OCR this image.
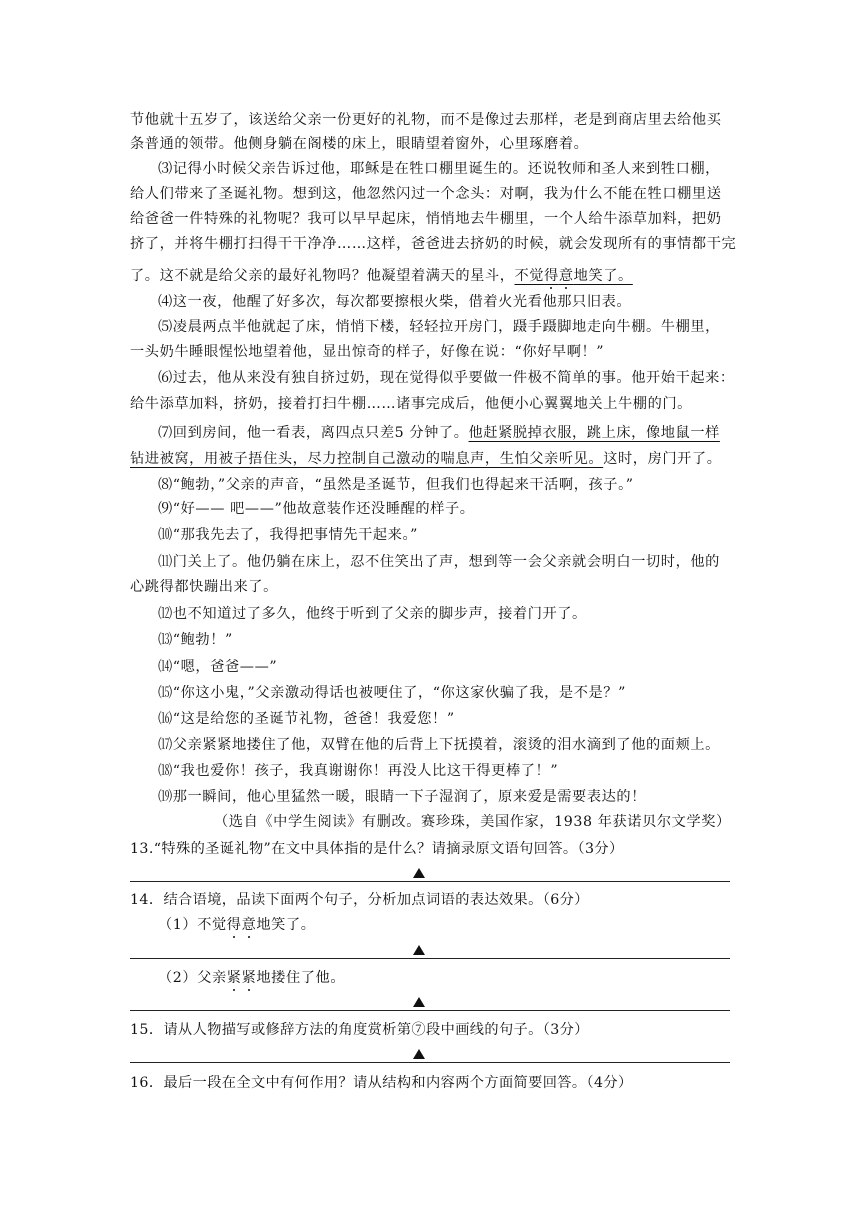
节他就十五岁了，该送给父亲一份更好的礼物，而不是像过去那样，老是到商店里去给他买
条普通的领带。他侧身躺在阁楼的床上，眼睛望着窗外，心里琢磨着。
⑶记得小时候父亲告诉过他，耶稣是在牲口棚里诞生的。还说牧师和圣人来到牲口棚，
给人们带来了圣诞礼物。想到这，他忽然闪过一个念头：对啊，我为什么不能在牲口棚里送
给爸爸一件特殊的礼物呢？我可以早早起床，悄悄地去牛棚里，一个人给牛添草加料，把奶
挤了，并将牛棚打扫得干干净净……这样，爸爸进去挤奶的时候，就会发现所有的事情都干完
了。这不就是给父亲的最好礼物吗？他凝望着满天的星斗，不觉得意地笑了。
⑷这一夜，他醒了好多次，每次都要擦根火柴，借着火光看他那只旧表。
⑸凌晨两点半他就起了床，悄悄下楼，轻轻拉开房门，蹑手蹑脚地走向牛棚。牛棚里，
一头奶牛睡眼惺忪地望着他，显出惊奇的样子，好像在说：“你好早啊！”
⑹过去，他从来没有独自挤过奶，现在觉得似乎要做一件极不简单的事。他开始干起来：
给牛添草加料，挤奶，接着打扫牛棚……诸事完成后，他便小心翼翼地关上牛棚的门。
⑺回到房间，他一看表，离四点只差5 分钟了。他赶紧脱掉衣服，跳上床，像地鼠一样
钻进被窝，用被子捂住头，尽力控制自己激动的喘息声，生怕父亲听见。这时，房门开了。
⑻“鲍勃，”父亲的声音，“虽然是圣诞节，但我们也得起来干活啊，孩子。”
⑼“好—— 吧——”他故意装作还没睡醒的样子。
⑽“那我先去了，我得把事情先干起来。”
⑾门关上了。他仍躺在床上，忍不住笑出了声，想到等一会父亲就会明白一切时，他的
心跳得都快蹦出来了。
⑿也不知道过了多久，他终于听到了父亲的脚步声，接着门开了。
⒀“鲍勃！”
⒁“嗯，爸爸——”
⒂“你这小鬼，”父亲激动得话也被哽住了，“你这家伙骗了我，是不是？”
⒃“这是给您的圣诞节礼物，爸爸！我爱您！”
⒄父亲紧紧地搂住了他，双臂在他的后背上下抚摸着，滚烫的泪水滴到了他的面颊上。
⒅“我也爱你！孩子，我真谢谢你！再没人比这干得更棒了！”
⒆那一瞬间，他心里猛然一暖，眼睛一下子湿润了，原来爱是需要表达的！
（选自《中学生阅读》有删改。赛珍珠，美国作家，1938 年获诺贝尔文学奖）
13.“特殊的圣诞礼物”在文中具体指的是什么？请摘录原文语句回答。（3分）
14．结合语境，品读下面两个句子，分析加点词语的表达效果。（6分）
（1）不觉得意地笑了。
（2）父亲紧紧地搂住了他。
15．请从人物描写或修辞方法的角度赏析第⑦段中画线的句子。（3分）
16．最后一段在全文中有何作用？请从结构和内容两个方面简要回答。（4分）
